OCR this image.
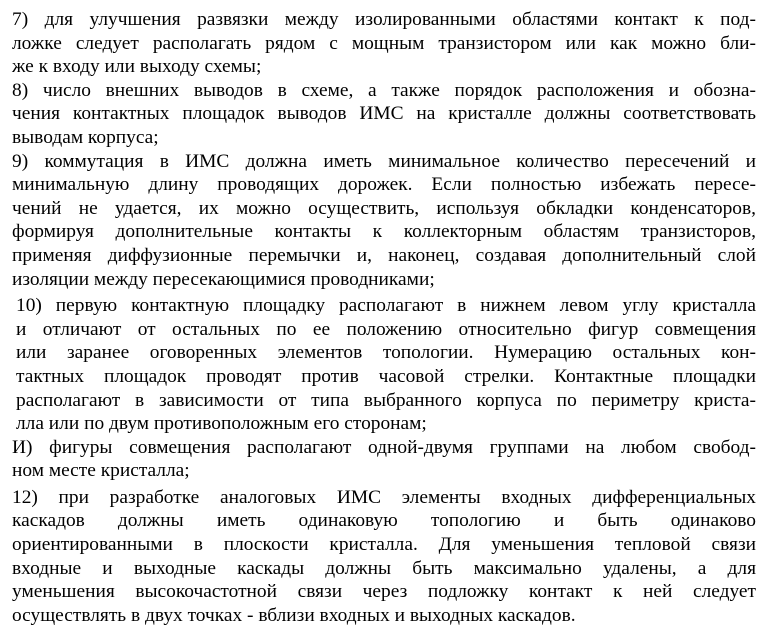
7) для улучшения развязки между изолированными областями контакт к под-
ложке следует располагать рядом с мощным транзистором или как можно бли-
же к входу или выходу схемы;
8) число внешних выводов в схеме, а также порядок расположения и обозна-
чения контактных площадок выводов ИМС на кристалле должны соответствовать
выводам корпуса;
9) коммутация в ИМС должна иметь минимальное количество пересечений и
минимальную длину проводящих дорожек. Если полностью избежать пересе-
чений не удается, их можно осуществить, используя обкладки конденсаторов,
формируя дополнительные контакты к коллекторным областям транзисторов,
применяя диффузионные перемычки и, наконец, создавая дополнительный слой
изоляции между пересекающимися проводниками;
10) первую контактную площадку располагают в нижнем левом углу кристалла
и отличают от остальных по ее положению относительно фигур совмещения
или заранее оговоренных элементов топологии. Нумерацию остальных кон-
тактных площадок проводят против часовой стрелки. Контактные площадки
располагают в зависимости от типа выбранного корпуса по периметру криста-
лла или по двум противоположным его сторонам;
И) фигуры совмещения располагают одной-двумя группами на любом свобод-
ном месте кристалла;
12) при разработке аналоговых ИМС элементы входных дифференциальных
каскадов должны иметь одинаковую топологию и быть одинаково
ориентированными в плоскости кристалла. Для уменьшения тепловой связи
входные и выходные каскады должны быть максимально удалены, а для
уменьшения высокочастотной связи через подложку контакт к ней следует
осуществлять в двух точках - вблизи входных и выходных каскадов.
